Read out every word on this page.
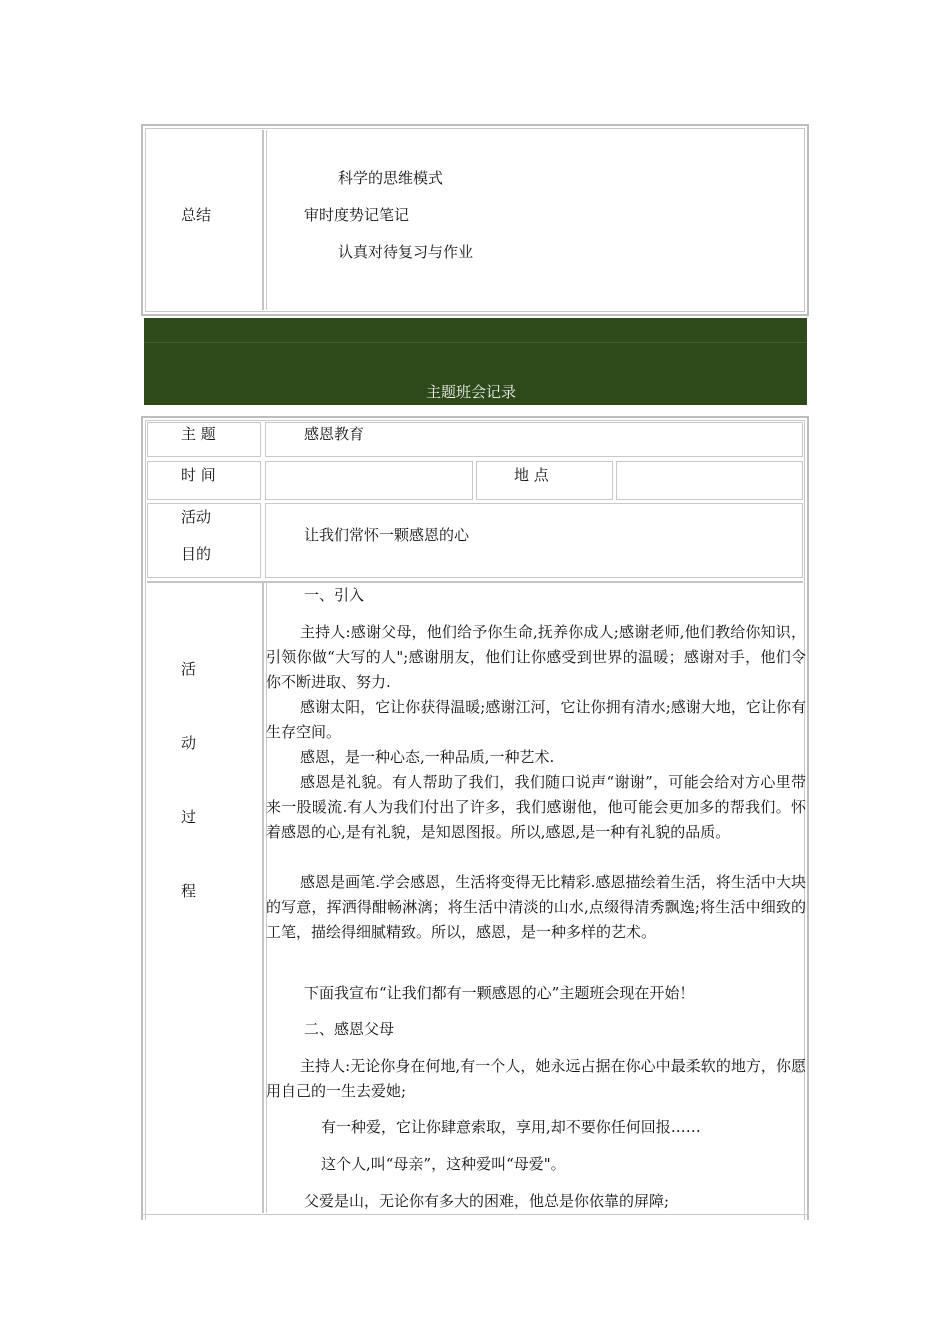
总结
科学的思维模式
审时度势记笔记
认真对待复习与作业
主题班会记录
主 题	感恩教育
时 间	地 点
活动
目的
让我们常怀一颗感恩的心
活
动
过
程
一、引入
主持人:感谢父母，他们给予你生命,抚养你成人;感谢老师,他们教给你知识，引领你做“大写的人";感谢朋友，他们让你感受到世界的温暖；感谢对手，他们令你不断进取、努力.
感谢太阳，它让你获得温暖;感谢江河，它让你拥有清水;感谢大地，它让你有生存空间。
感恩，是一种心态,一种品质,一种艺术.
感恩是礼貌。有人帮助了我们，我们随口说声“谢谢”，可能会给对方心里带来一股暖流.有人为我们付出了许多，我们感谢他，他可能会更加多的帮我们。怀着感恩的心,是有礼貌，是知恩图报。所以,感恩,是一种有礼貌的品质。
感恩是画笔.学会感恩，生活将变得无比精彩.感恩描绘着生活，将生活中大块的写意，挥洒得酣畅淋漓；将生活中清淡的山水,点缀得清秀飘逸;将生活中细致的工笔，描绘得细腻精致。所以，感恩，是一种多样的艺术。
下面我宣布“让我们都有一颗感恩的心”主题班会现在开始！
二、感恩父母
主持人:无论你身在何地,有一个人，她永远占据在你心中最柔软的地方，你愿用自己的一生去爱她;
有一种爱，它让你肆意索取，享用,却不要你任何回报……
这个人,叫“母亲”，这种爱叫“母爱"。
父爱是山，无论你有多大的困难，他总是你依靠的屏障;
